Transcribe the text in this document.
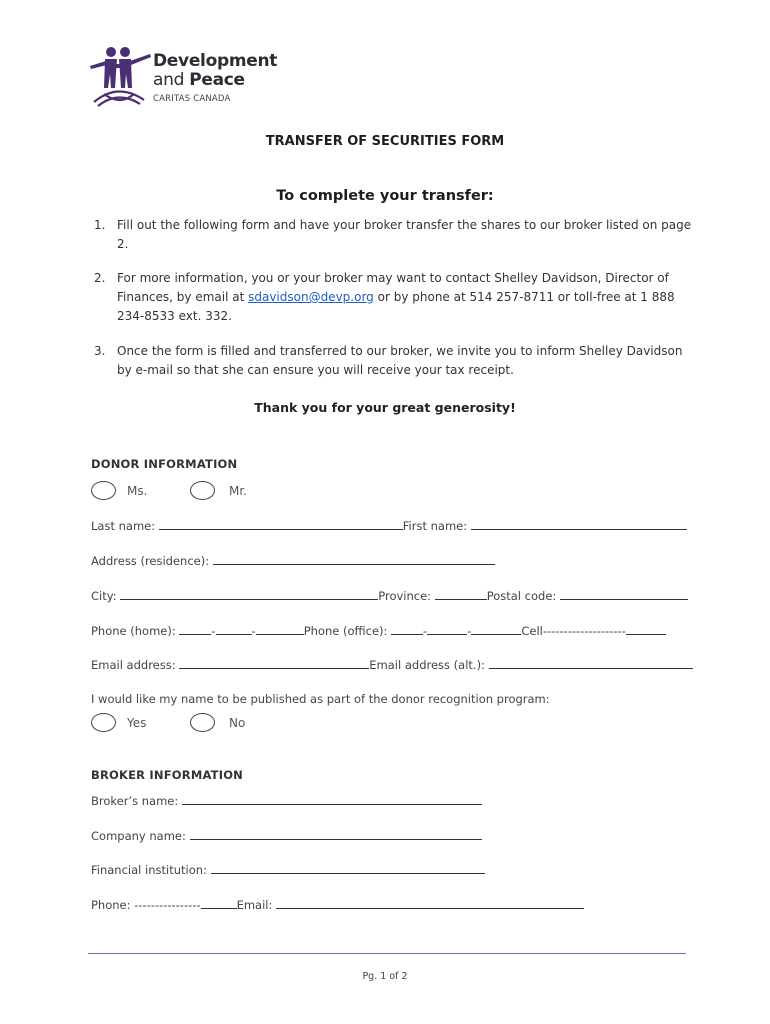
Development
and Peace
CARITAS CANADA
TRANSFER OF SECURITIES FORM
To complete your transfer:
1. Fill out the following form and have your broker transfer the shares to our broker listed on page 2.
2. For more information, you or your broker may want to contact Shelley Davidson, Director of Finances, by email at sdavidson@devp.org or by phone at 514 257-8711 or toll-free at 1 888 234-8533 ext. 332.
3. Once the form is filled and transferred to our broker, we invite you to inform Shelley Davidson by e-mail so that she can ensure you will receive your tax receipt.
Thank you for your great generosity!
DONOR INFORMATION
Ms.	Mr.
Last name:	First name:
Address (residence):
City:	Province:	Postal code:
Phone (home):	-	-	Phone (office):	-	-	Cell--------------------
Email address:	Email address (alt.):
I would like my name to be published as part of the donor recognition program:
Yes	No
BROKER INFORMATION
Broker’s name:
Company name:
Financial institution:
Phone: ----------------	Email:
Pg. 1 of 2
